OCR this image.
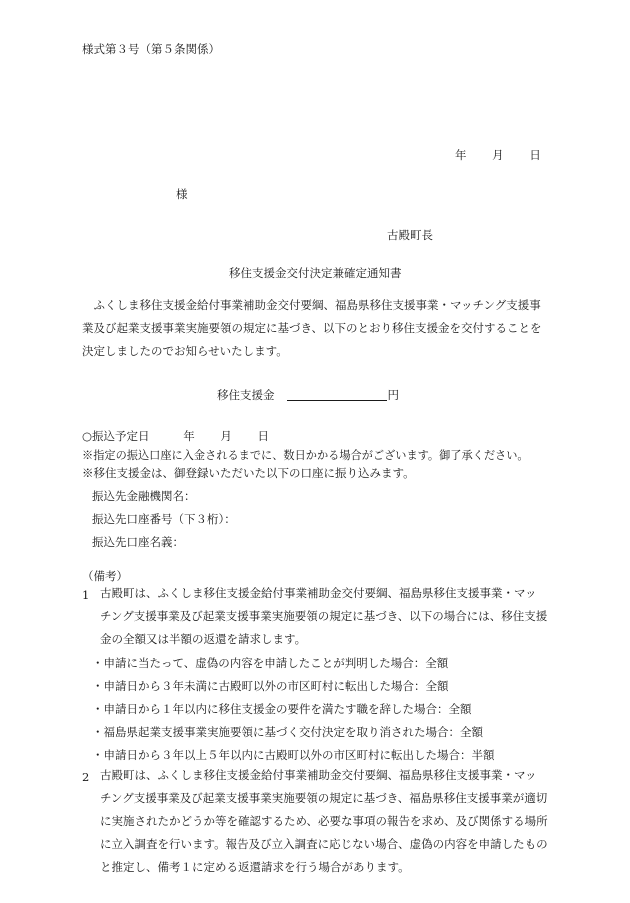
様式第３号（第５条関係）
年 月 日
様
古殿町長
移住支援金交付決定兼確定通知書
ふくしま移住支援金給付事業補助金交付要綱、福島県移住支援事業・マッチング支援事業及び起業支援事業実施要領の規定に基づき、以下のとおり移住支援金を交付することを決定しましたのでお知らせいたします。
移住支援金	円
○振込予定日	年 月 日
※指定の振込口座に入金されるまでに、数日かかる場合がございます。御了承ください。
※移住支援金は、御登録いただいた以下の口座に振り込みます。
振込先金融機関名：
振込先口座番号（下３桁）：
振込先口座名義：
（備考）
1 古殿町は、ふくしま移住支援金給付事業補助金交付要綱、福島県移住支援事業・マッチング支援事業及び起業支援事業実施要領の規定に基づき、以下の場合には、移住支援金の全額又は半額の返還を請求します。
・申請に当たって、虚偽の内容を申請したことが判明した場合：全額
・申請日から３年未満に古殿町以外の市区町村に転出した場合：全額
・申請日から１年以内に移住支援金の要件を満たす職を辞した場合：全額
・福島県起業支援事業実施要領に基づく交付決定を取り消された場合：全額
・申請日から３年以上５年以内に古殿町以外の市区町村に転出した場合：半額
2 古殿町は、ふくしま移住支援金給付事業補助金交付要綱、福島県移住支援事業・マッチング支援事業及び起業支援事業実施要領の規定に基づき、福島県移住支援事業が適切に実施されたかどうか等を確認するため、必要な事項の報告を求め、及び関係する場所に立入調査を行います。報告及び立入調査に応じない場合、虚偽の内容を申請したものと推定し、備考１に定める返還請求を行う場合があります。
